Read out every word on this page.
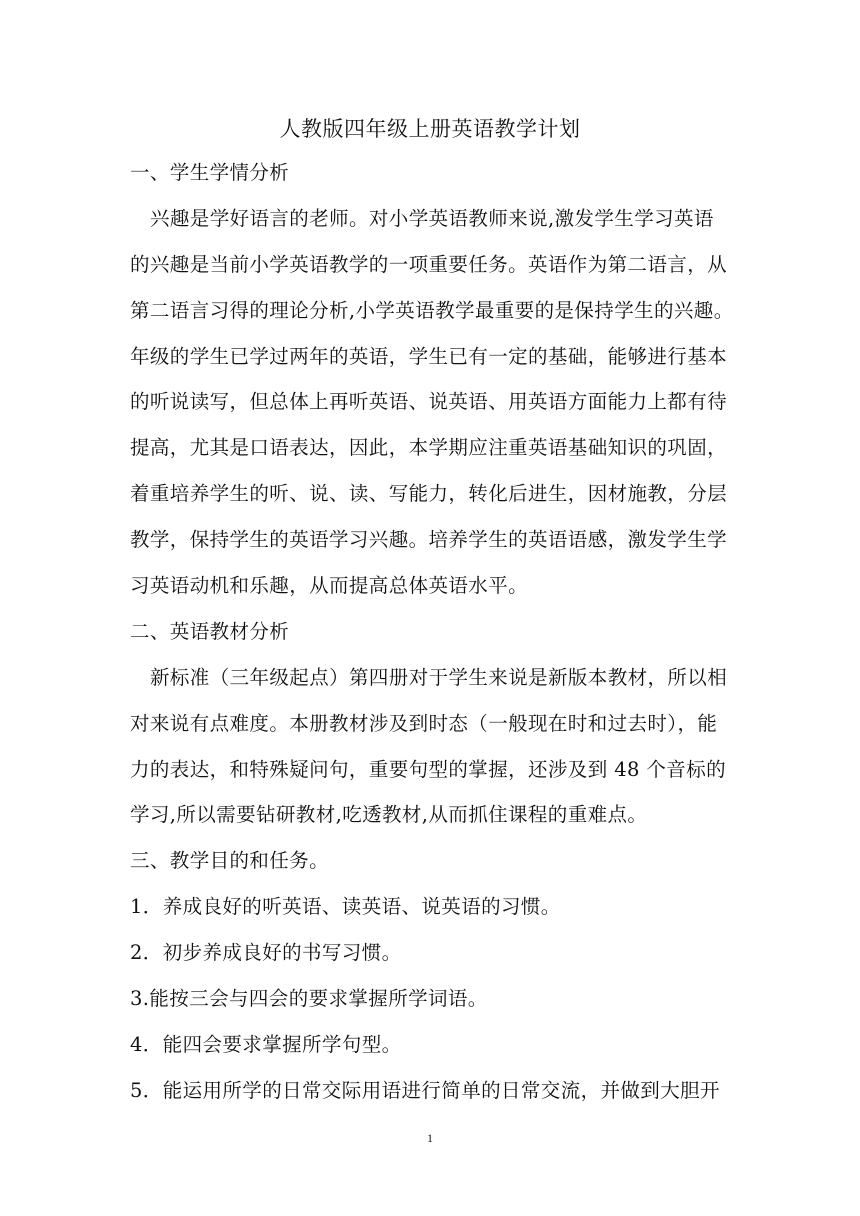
人教版四年级上册英语教学计划
一、学生学情分析
兴趣是学好语言的老师。对小学英语教师来说,激发学生学习英语
的兴趣是当前小学英语教学的一项重要任务。英语作为第二语言，从
第二语言习得的理论分析,小学英语教学最重要的是保持学生的兴趣。
年级的学生已学过两年的英语，学生已有一定的基础，能够进行基本
的听说读写，但总体上再听英语、说英语、用英语方面能力上都有待
提高，尤其是口语表达，因此，本学期应注重英语基础知识的巩固，
着重培养学生的听、说、读、写能力，转化后进生，因材施教，分层
教学，保持学生的英语学习兴趣。培养学生的英语语感，激发学生学
习英语动机和乐趣，从而提高总体英语水平。
二、英语教材分析
新标准（三年级起点）第四册对于学生来说是新版本教材，所以相
对来说有点难度。本册教材涉及到时态（一般现在时和过去时），能
力的表达，和特殊疑问句，重要句型的掌握，还涉及到 48 个音标的
学习,所以需要钻研教材,吃透教材,从而抓住课程的重难点。
三、教学目的和任务。
1．养成良好的听英语、读英语、说英语的习惯。
2．初步养成良好的书写习惯。
3.能按三会与四会的要求掌握所学词语。
4．能四会要求掌握所学句型。
5．能运用所学的日常交际用语进行简单的日常交流，并做到大胆开
1
